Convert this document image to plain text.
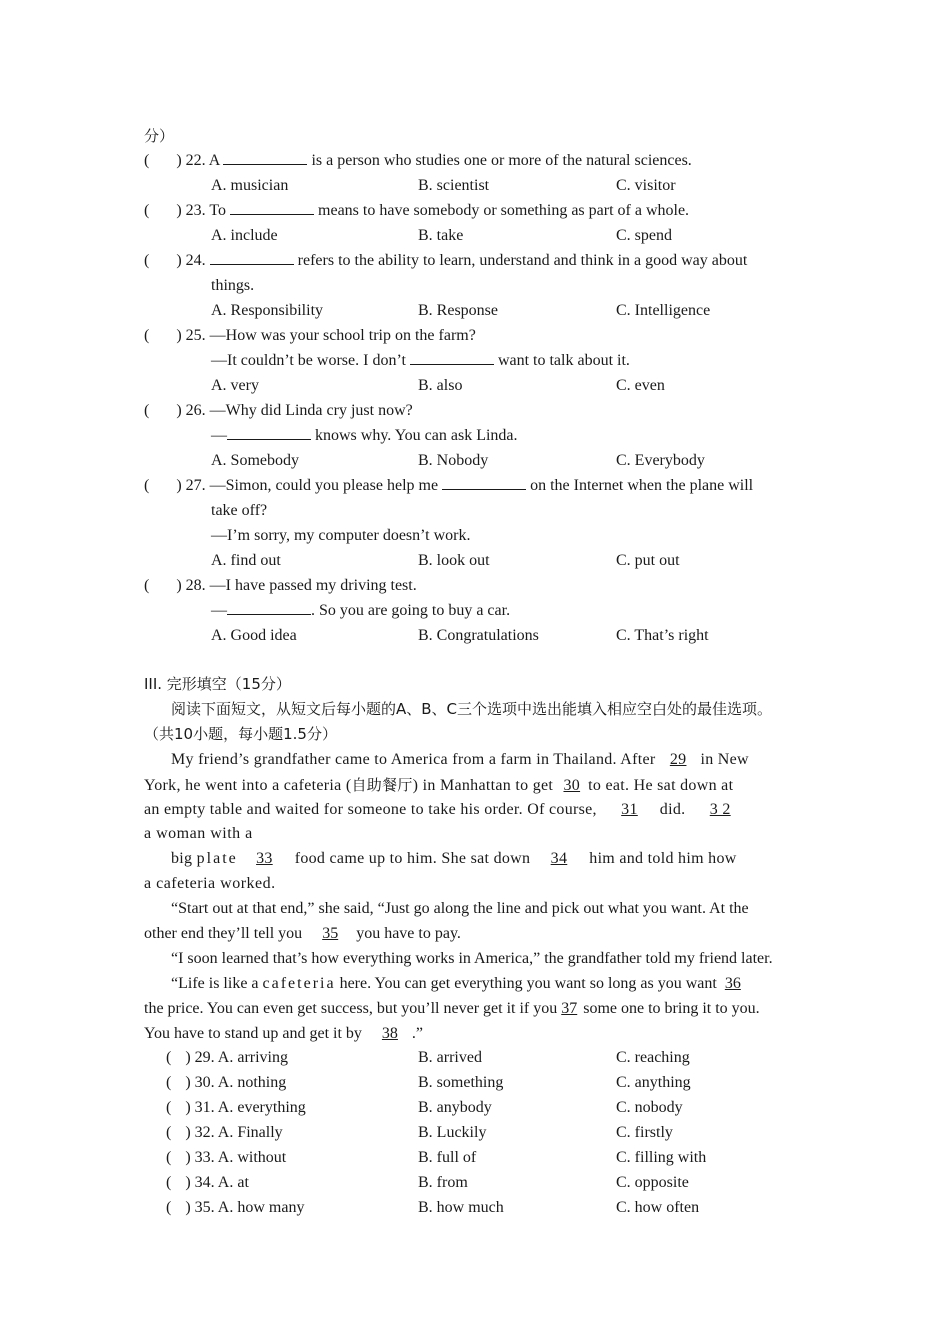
分）
( ) 22. A	is a person who studies one or more of the natural sciences.
A. musician	B. scientist	C. visitor
( ) 23. To	means to have somebody or something as part of a whole.
A. include	B. take	C. spend
( ) 24.	refers to the ability to learn, understand and think in a good way about
things.
A. Responsibility	B. Response	C. Intelligence
( ) 25. —How was your school trip on the farm?
—It couldn’t be worse. I don’t	want to talk about it.
A. very	B. also	C. even
( ) 26. —Why did Linda cry just now?
—	knows why. You can ask Linda.
A. Somebody	B. Nobody	C. Everybody
( ) 27. —Simon, could you please help me	on the Internet when the plane will
take off?
—I’m sorry, my computer doesn’t work.
A. find out	B. look out	C. put out
( ) 28. —I have passed my driving test.
—	. So you are going to buy a car.
A. Good idea	B. Congratulations	C. That’s right
III. 完形填空（15分）
阅读下面短文，从短文后每小题的A、B、C三个选项中选出能填入相应空白处的最佳选项。
（共10小题，每小题1.5分）
My friend’s grandfather came to America from a farm in Thailand. After 29 in New
York, he went into a cafeteria (自助餐厅) in Manhattan to get 30 to eat. He sat down at
an empty table and waited for someone to take his order. Of course, 31 did. 3 2
a woman with a
big plate 33 food came up to him. She sat down 34 him and told him how
a cafeteria worked.
“Start out at that end,” she said, “Just go along the line and pick out what you want. At the
other end they’ll tell you 35 you have to pay.
“I soon learned that’s how everything works in America,” the grandfather told my friend later.
“Life is like a cafeteria here. You can get everything you want so long as you want 36
the price. You can even get success, but you’ll never get it if you 37 some one to bring it to you.
You have to stand up and get it by 38 .”
( ) 29. A. arriving	B. arrived	C. reaching
( ) 30. A. nothing	B. something	C. anything
( ) 31. A. everything	B. anybody	C. nobody
( ) 32. A. Finally	B. Luckily	C. firstly
( ) 33. A. without	B. full of	C. filling with
( ) 34. A. at	B. from	C. opposite
( ) 35. A. how many	B. how much	C. how often
